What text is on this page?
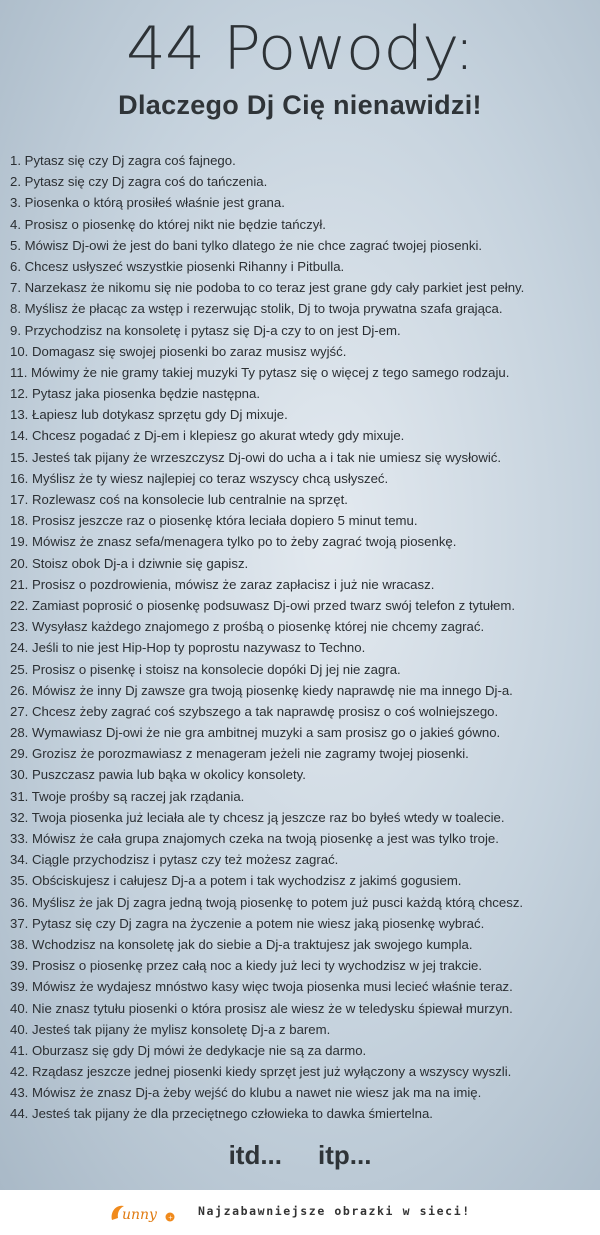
44 Powody:
Dlaczego Dj Cię nienawidzi!
1. Pytasz się czy Dj zagra coś fajnego.
2. Pytasz się czy Dj zagra coś do tańczenia.
3. Piosenka o którą prosiłeś właśnie jest grana.
4. Prosisz o piosenkę do której nikt nie będzie tańczył.
5. Mówisz Dj-owi że jest do bani tylko dlatego że nie chce zagrać twojej piosenki.
6. Chcesz usłyszeć wszystkie piosenki Rihanny i Pitbulla.
7. Narzekasz że nikomu się nie podoba to co teraz jest grane gdy cały parkiet jest pełny.
8. Myślisz że płacąc za wstęp i rezerwując stolik, Dj to twoja prywatna szafa grająca.
9. Przychodzisz na konsoletę i pytasz się Dj-a czy to on jest Dj-em.
10. Domagasz się swojej piosenki bo zaraz musisz wyjść.
11. Mówimy że nie gramy takiej muzyki Ty pytasz się o więcej z tego samego rodzaju.
12. Pytasz jaka piosenka będzie następna.
13. Łapiesz lub dotykasz sprzętu gdy Dj mixuje.
14. Chcesz pogadać z Dj-em i klepiesz go akurat wtedy gdy mixuje.
15. Jesteś tak pijany że wrzeszczysz Dj-owi do ucha a i tak nie umiesz się wysłowić.
16. Myślisz że ty wiesz najlepiej co teraz wszyscy chcą usłyszeć.
17. Rozlewasz coś na konsolecie lub centralnie na sprzęt.
18. Prosisz jeszcze raz o piosenkę która leciała dopiero 5 minut temu.
19. Mówisz że znasz sefa/menagera tylko po to żeby zagrać twoją piosenkę.
20. Stoisz obok Dj-a i dziwnie się gapisz.
21. Prosisz o pozdrowienia, mówisz że zaraz zapłacisz i już nie wracasz.
22. Zamiast poprosić o piosenkę podsuwasz Dj-owi przed twarz swój telefon z tytułem.
23. Wysyłasz każdego znajomego z prośbą o piosenkę której nie chcemy zagrać.
24. Jeśli to nie jest Hip-Hop ty poprostu nazywasz to Techno.
25. Prosisz o pisenkę i stoisz na konsolecie dopóki Dj jej nie zagra.
26. Mówisz że inny Dj zawsze gra twoją piosenkę kiedy naprawdę nie ma innego Dj-a.
27. Chcesz żeby zagrać coś szybszego a tak naprawdę prosisz o coś wolniejszego.
28. Wymawiasz Dj-owi że nie gra ambitnej muzyki a sam prosisz go o jakieś gówno.
29. Grozisz że porozmawiasz z menageram jeżeli nie zagramy twojej piosenki.
30. Puszczasz pawia lub bąka w okolicy konsolety.
31. Twoje prośby są raczej jak rządania.
32. Twoja piosenka już leciała ale ty chcesz ją jeszcze raz bo byłeś wtedy w toalecie.
33. Mówisz że cała grupa znajomych czeka na twoją piosenkę a jest was tylko troje.
34. Ciągle przychodzisz i pytasz czy też możesz zagrać.
35. Obściskujesz i całujesz Dj-a a potem i tak wychodzisz z jakimś gogusiem.
36. Myślisz że jak Dj zagra jedną twoją piosenkę to potem już pusci każdą którą chcesz.
37. Pytasz się czy Dj zagra na życzenie a potem nie wiesz jaką piosenkę wybrać.
38. Wchodzisz na konsoletę jak do siebie a Dj-a traktujesz jak swojego kumpla.
39. Prosisz o piosenkę przez całą noc a kiedy już leci ty wychodzisz w jej trakcie.
39. Mówisz że wydajesz mnóstwo kasy więc twoja piosenka musi lecieć właśnie teraz.
40. Nie znasz tytułu piosenki o która prosisz ale wiesz że w teledysku śpiewał murzyn.
40. Jesteś tak pijany że mylisz konsoletę Dj-a z barem.
41. Oburzasz się gdy Dj mówi że dedykacje nie są za darmo.
42. Rządasz jeszcze jednej piosenki kiedy sprzęt jest już wyłączony a wszyscy wyszli.
43. Mówisz że znasz Dj-a żeby wejść do klubu a nawet nie wiesz jak ma na imię.
44. Jesteś tak pijany że dla przeciętnego człowieka to dawka śmiertelna.
itd... itp...
unny + Najzabawniejsze obrazki w sieci!
